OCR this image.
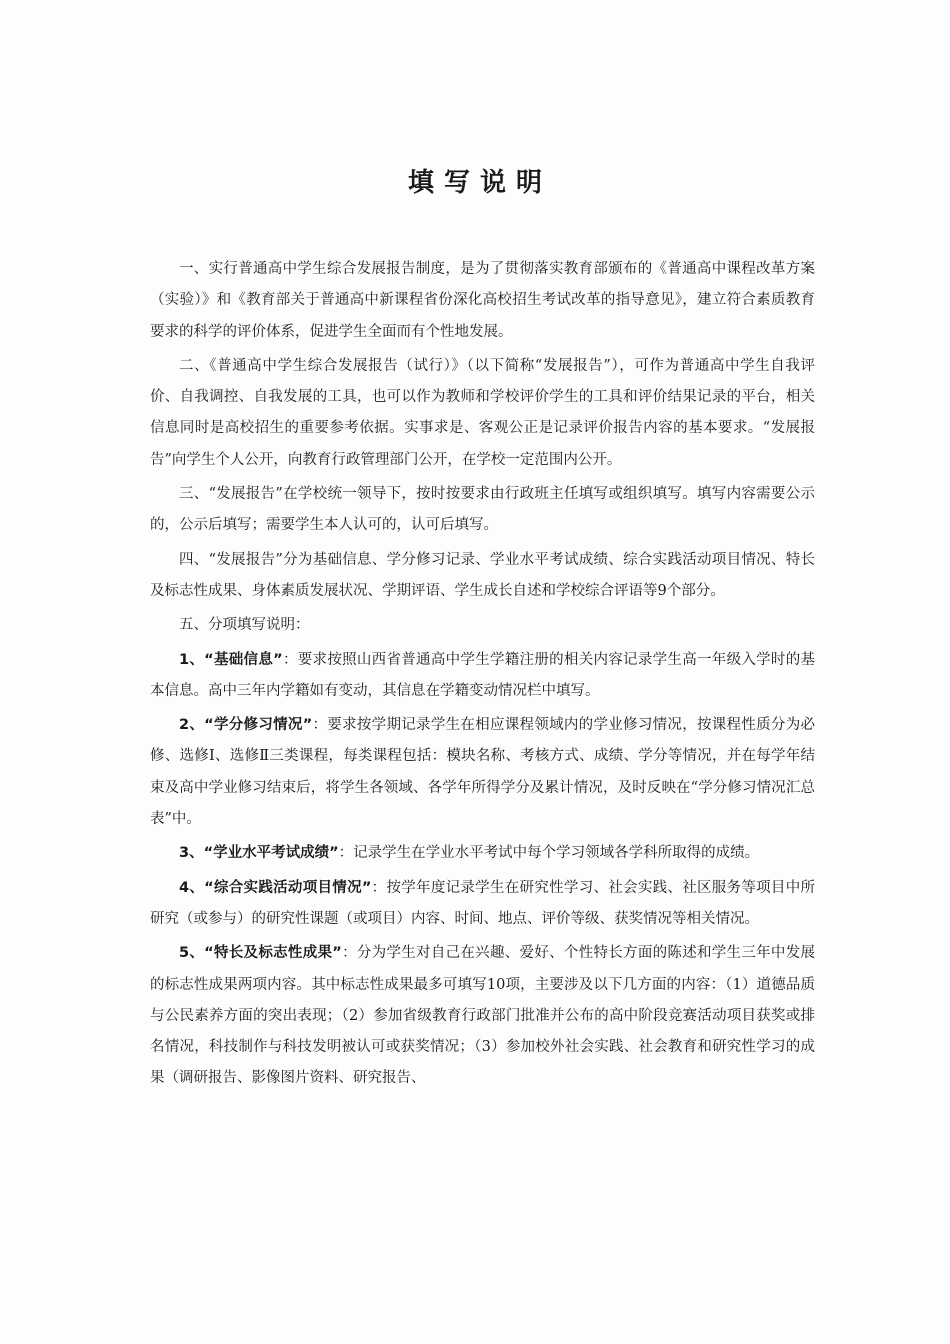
填写说明

一、实行普通高中学生综合发展报告制度，是为了贯彻落实教育部颁布的《普通高中课程改革方案（实验）》和《教育部关于普通高中新课程省份深化高校招生考试改革的指导意见》，建立符合素质教育要求的科学的评价体系，促进学生全面而有个性地发展。

二、《普通高中学生综合发展报告（试行）》（以下简称“发展报告”），可作为普通高中学生自我评价、自我调控、自我发展的工具，也可以作为教师和学校评价学生的工具和评价结果记录的平台，相关信息同时是高校招生的重要参考依据。实事求是、客观公正是记录评价报告内容的基本要求。“发展报告”向学生个人公开，向教育行政管理部门公开，在学校一定范围内公开。

三、“发展报告”在学校统一领导下，按时按要求由行政班主任填写或组织填写。填写内容需要公示的，公示后填写；需要学生本人认可的，认可后填写。

四、“发展报告”分为基础信息、学分修习记录、学业水平考试成绩、综合实践活动项目情况、特长及标志性成果、身体素质发展状况、学期评语、学生成长自述和学校综合评语等9个部分。

五、分项填写说明：

1、“基础信息”：要求按照山西省普通高中学生学籍注册的相关内容记录学生高一年级入学时的基本信息。高中三年内学籍如有变动，其信息在学籍变动情况栏中填写。

2、“学分修习情况”：要求按学期记录学生在相应课程领域内的学业修习情况，按课程性质分为必修、选修Ⅰ、选修Ⅱ三类课程，每类课程包括：模块名称、考核方式、成绩、学分等情况，并在每学年结束及高中学业修习结束后，将学生各领域、各学年所得学分及累计情况，及时反映在“学分修习情况汇总表”中。

3、“学业水平考试成绩”：记录学生在学业水平考试中每个学习领域各学科所取得的成绩。

4、“综合实践活动项目情况”：按学年度记录学生在研究性学习、社会实践、社区服务等项目中所研究（或参与）的研究性课题（或项目）内容、时间、地点、评价等级、获奖情况等相关情况。

5、“特长及标志性成果”：分为学生对自己在兴趣、爱好、个性特长方面的陈述和学生三年中发展的标志性成果两项内容。其中标志性成果最多可填写10项，主要涉及以下几方面的内容：（1）道德品质与公民素养方面的突出表现；（2）参加省级教育行政部门批准并公布的高中阶段竞赛活动项目获奖或排名情况，科技制作与科技发明被认可或获奖情况；（3）参加校外社会实践、社会教育和研究性学习的成果（调研报告、影像图片资料、研究报告、
